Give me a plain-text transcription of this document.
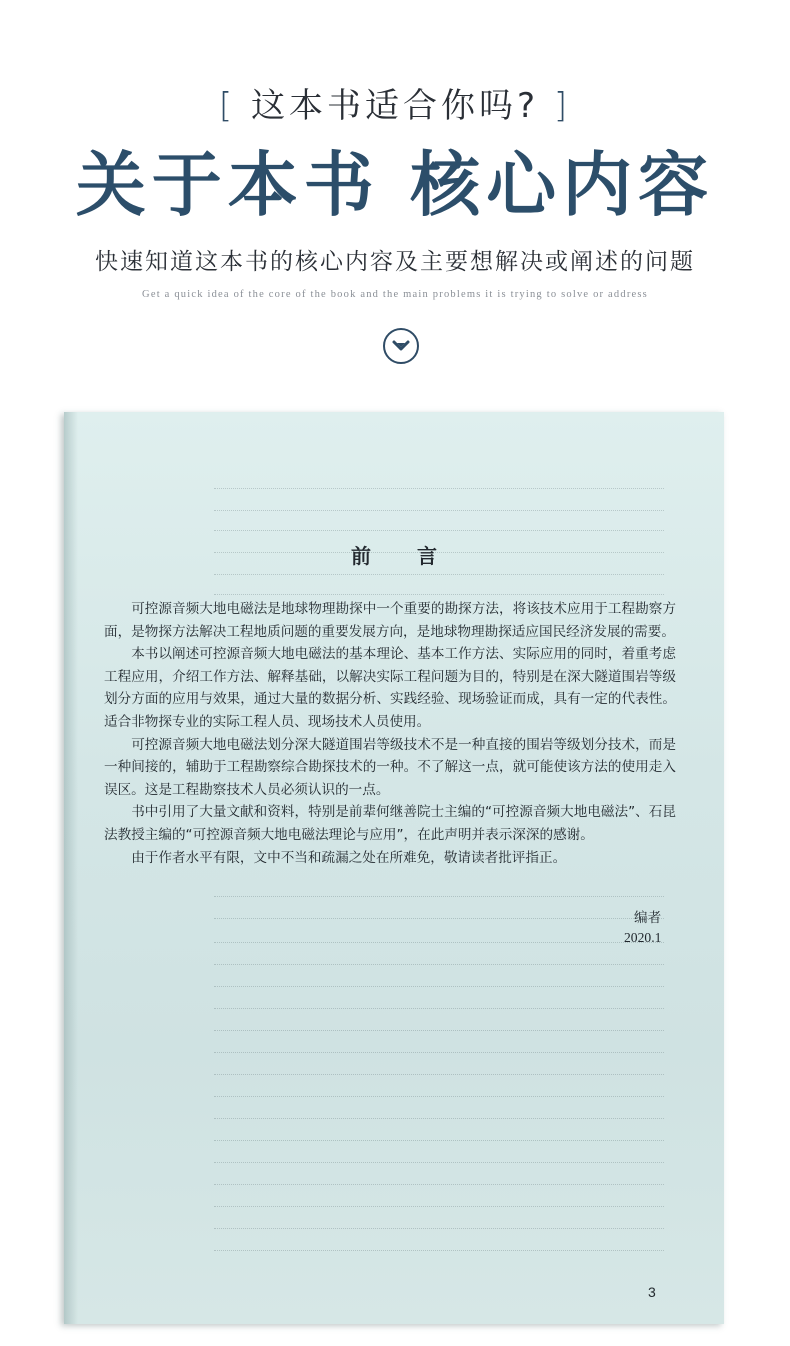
[ 这本书适合你吗? ]
关于本书 核心内容
快速知道这本书的核心内容及主要想解决或阐述的问题
Get a quick idea of the core of the book and the main problems it is trying to solve or address
前言

可控源音频大地电磁法是地球物理勘探中一个重要的勘探方法，将该技术应用于工程勘察方面，是物探方法解决工程地质问题的重要发展方向，是地球物理勘探适应国民经济发展的需要。

本书以阐述可控源音频大地电磁法的基本理论、基本工作方法、实际应用的同时，着重考虑工程应用，介绍工作方法、解释基础，以解决实际工程问题为目的，特别是在深大隧道围岩等级划分方面的应用与效果，通过大量的数据分析、实践经验、现场验证而成，具有一定的代表性。适合非物探专业的实际工程人员、现场技术人员使用。

可控源音频大地电磁法划分深大隧道围岩等级技术不是一种直接的围岩等级划分技术，而是一种间接的，辅助于工程勘察综合勘探技术的一种。不了解这一点，就可能使该方法的使用走入误区。这是工程勘察技术人员必须认识的一点。

书中引用了大量文献和资料，特别是前辈何继善院士主编的“可控源音频大地电磁法”、石昆法教授主编的“可控源音频大地电磁法理论与应用”，在此声明并表示深深的感谢。

由于作者水平有限，文中不当和疏漏之处在所难免，敬请读者批评指正。

编者
2020.1
3
